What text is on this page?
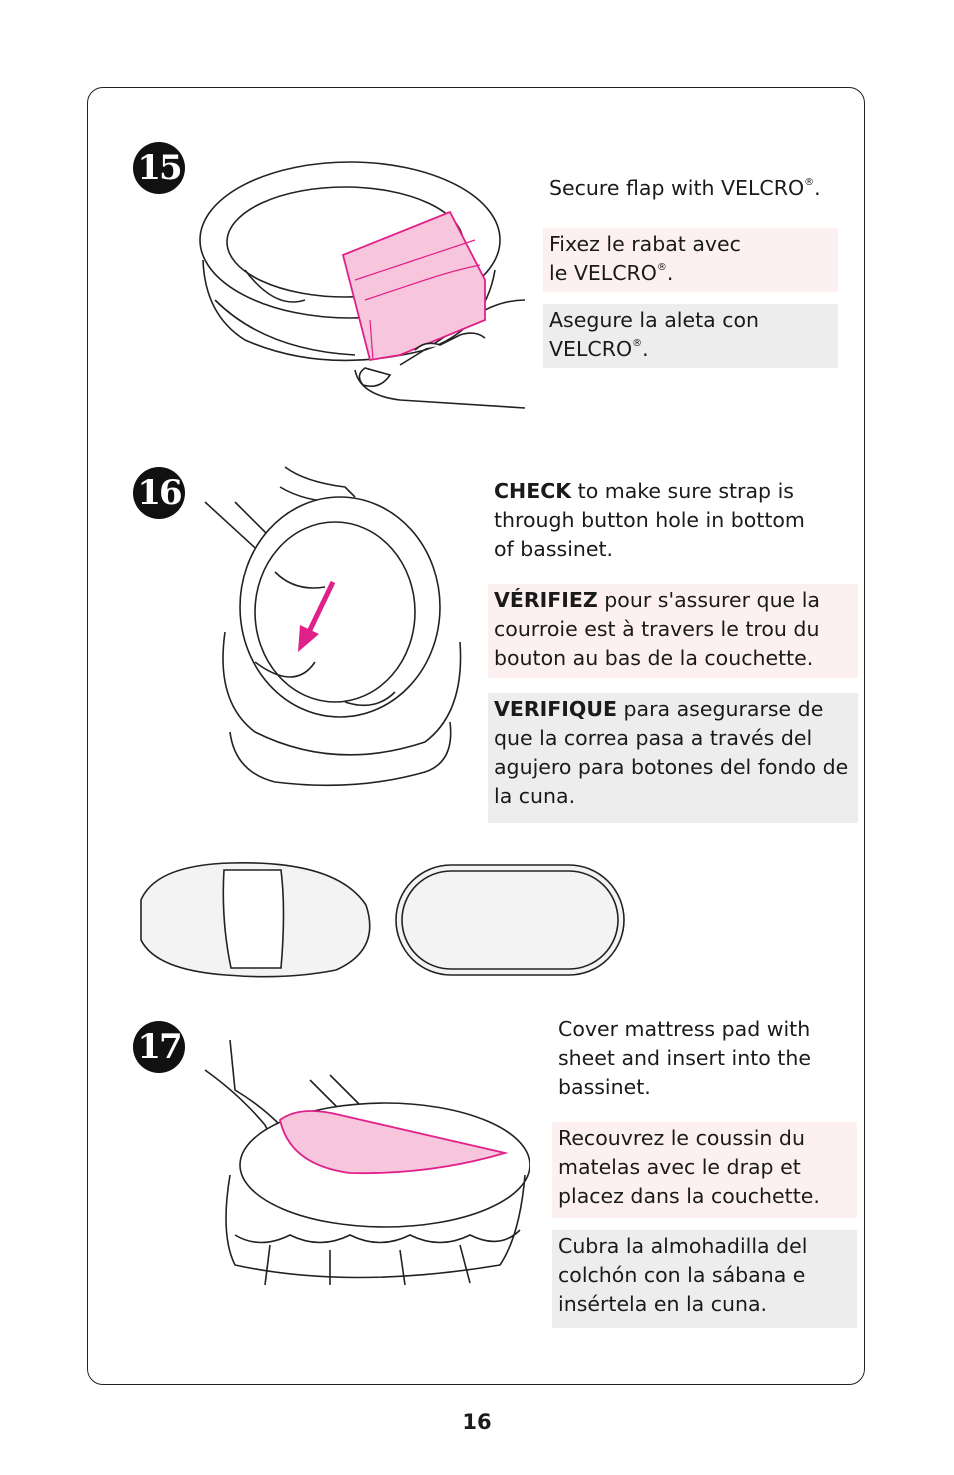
15	Secure flap with VELCRO®.
Fixez le rabat avec
le VELCRO®.
Asegure la aleta con
VELCRO®.
16	CHECK to make sure strap is through button hole in bottom of bassinet.
VÉRIFIEZ pour s'assurer que la courroie est à travers le trou du bouton au bas de la couchette.
VERIFIQUE para asegurarse de que la correa pasa a través del agujero para botones del fondo de la cuna.
17	Cover mattress pad with sheet and insert into the bassinet.
Recouvrez le coussin du matelas avec le drap et placez dans la couchette.
Cubra la almohadilla del colchón con la sábana e insértela en la cuna.
16
